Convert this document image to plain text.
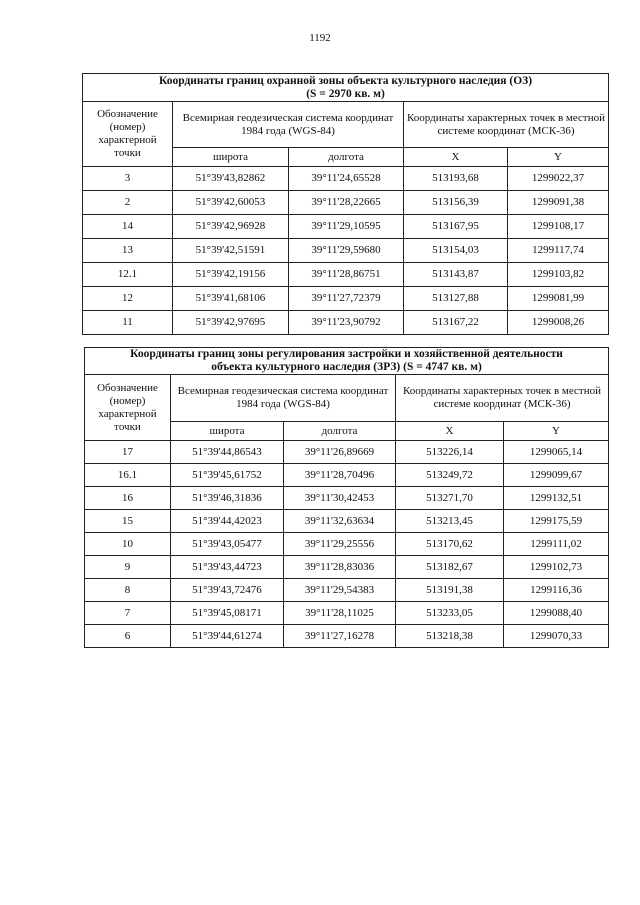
1192
Координаты границ охранной зоны объекта культурного наследия (ОЗ)
(S = 2970 кв. м)				
Обозначение (номер) характерной точки	Всемирная геодезическая система координат 1984 года (WGS-84)		Координаты характерных точек в местной системе координат (МСК-36)	
	широта	долгота	X	Y
3	51°39'43,82862	39°11'24,65528	513193,68	1299022,37
2	51°39'42,60053	39°11'28,22665	513156,39	1299091,38
14	51°39'42,96928	39°11'29,10595	513167,95	1299108,17
13	51°39'42,51591	39°11'29,59680	513154,03	1299117,74
12.1	51°39'42,19156	39°11'28,86751	513143,87	1299103,82
12	51°39'41,68106	39°11'27,72379	513127,88	1299081,99
11	51°39'42,97695	39°11'23,90792	513167,22	1299008,26
Координаты границ зоны регулирования застройки и хозяйственной деятельности
объекта культурного наследия (ЗРЗ) (S = 4747 кв. м)				
Обозначение (номер) характерной точки	Всемирная геодезическая система координат 1984 года (WGS-84)		Координаты характерных точек в местной системе координат (МСК-36)	
	широта	долгота	X	Y
17	51°39'44,86543	39°11'26,89669	513226,14	1299065,14
16.1	51°39'45,61752	39°11'28,70496	513249,72	1299099,67
16	51°39'46,31836	39°11'30,42453	513271,70	1299132,51
15	51°39'44,42023	39°11'32,63634	513213,45	1299175,59
10	51°39'43,05477	39°11'29,25556	513170,62	1299111,02
9	51°39'43,44723	39°11'28,83036	513182,67	1299102,73
8	51°39'43,72476	39°11'29,54383	513191,38	1299116,36
7	51°39'45,08171	39°11'28,11025	513233,05	1299088,40
6	51°39'44,61274	39°11'27,16278	513218,38	1299070,33
